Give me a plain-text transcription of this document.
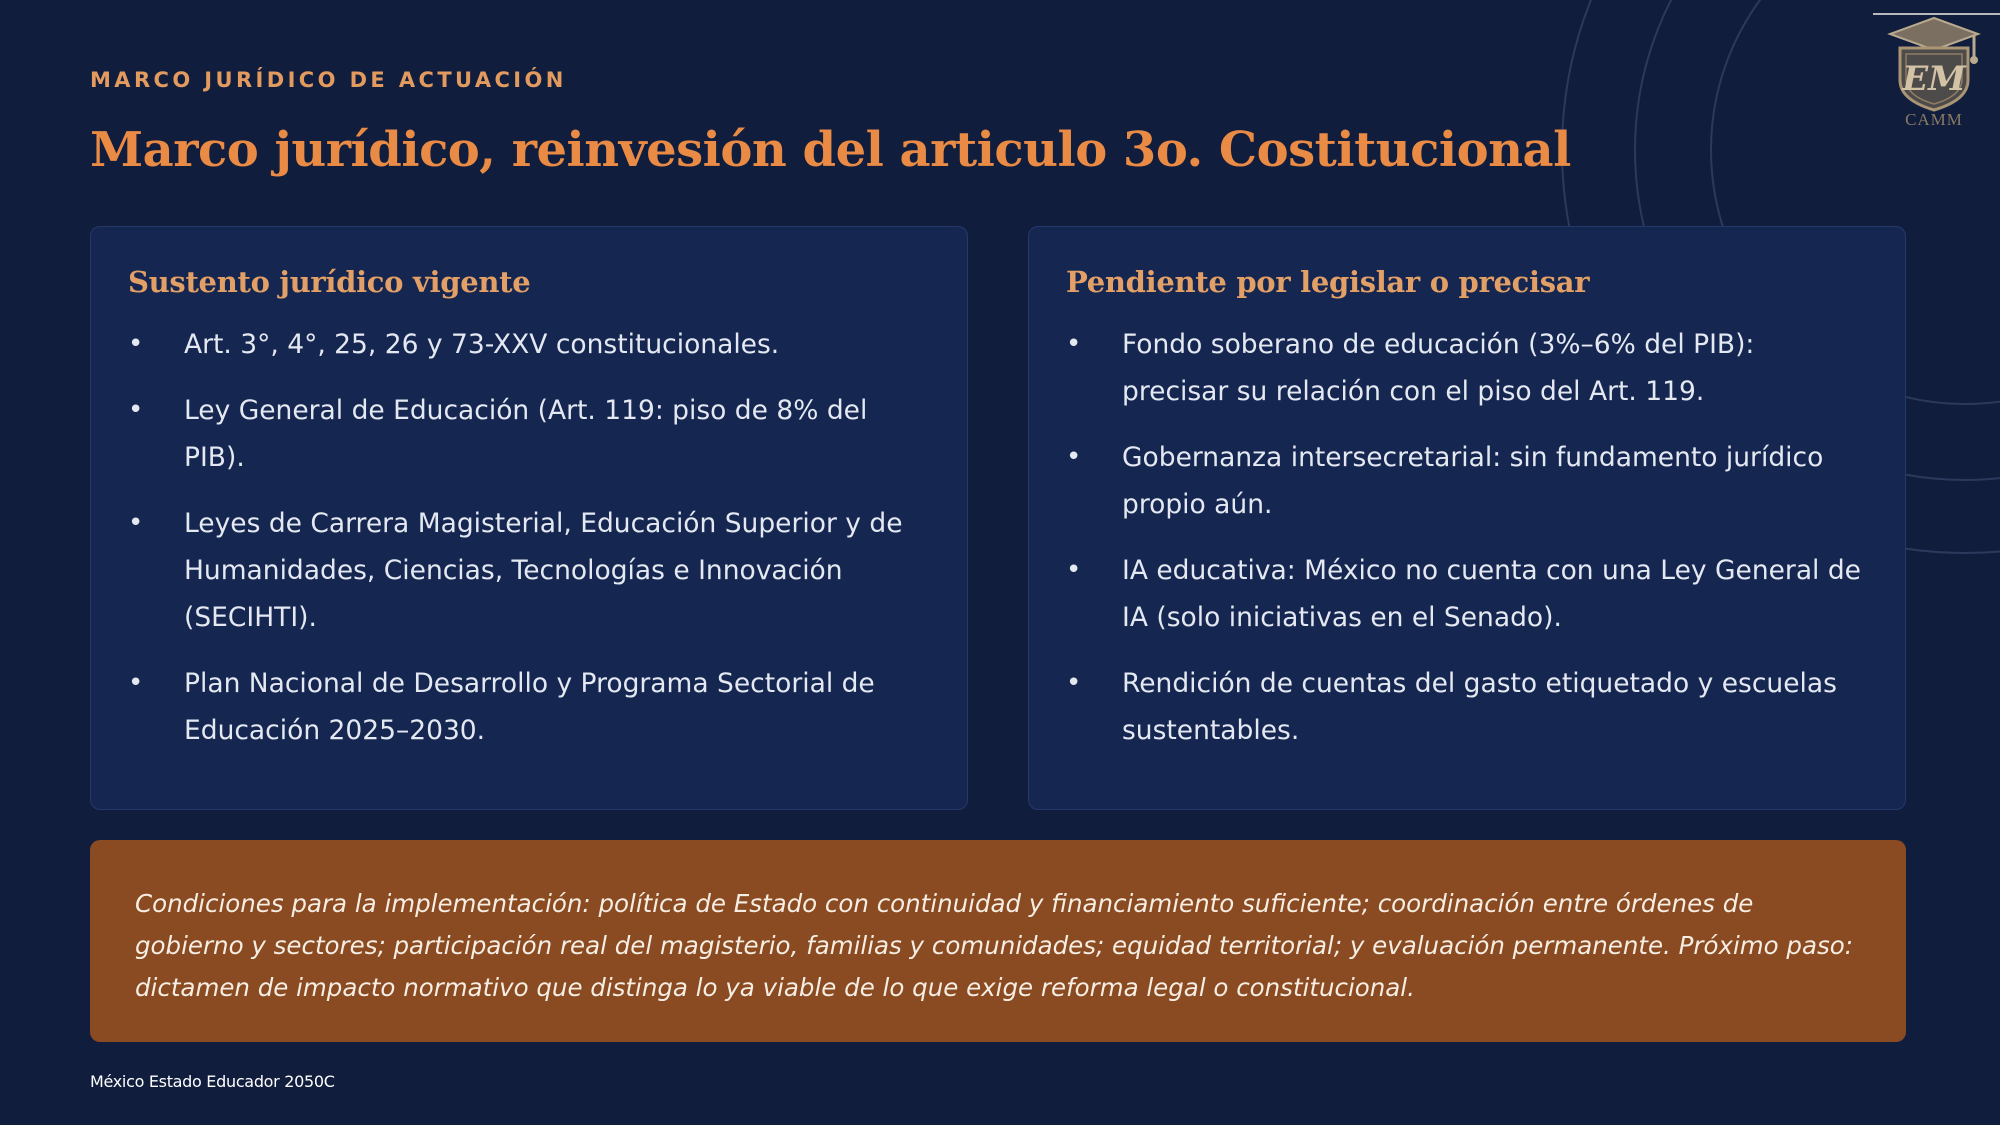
EM
CAMM
MARCO JURÍDICO DE ACTUACIÓN
Marco jurídico, reinvesión del articulo 3o. Costitucional
Sustento jurídico vigente
• Art. 3°, 4°, 25, 26 y 73-XXV constitucionales.
• Ley General de Educación (Art. 119: piso de 8% del PIB).
• Leyes de Carrera Magisterial, Educación Superior y de Humanidades, Ciencias, Tecnologías e Innovación (SECIHTI).
• Plan Nacional de Desarrollo y Programa Sectorial de Educación 2025–2030.
Pendiente por legislar o precisar
• Fondo soberano de educación (3%–6% del PIB): precisar su relación con el piso del Art. 119.
• Gobernanza intersecretarial: sin fundamento jurídico propio aún.
• IA educativa: México no cuenta con una Ley General de IA (solo iniciativas en el Senado).
• Rendición de cuentas del gasto etiquetado y escuelas sustentables.
Condiciones para la implementación: política de Estado con continuidad y financiamiento suficiente; coordinación entre órdenes de gobierno y sectores; participación real del magisterio, familias y comunidades; equidad territorial; y evaluación permanente. Próximo paso: dictamen de impacto normativo que distinga lo ya viable de lo que exige reforma legal o constitucional.
México Estado Educador 2050C
